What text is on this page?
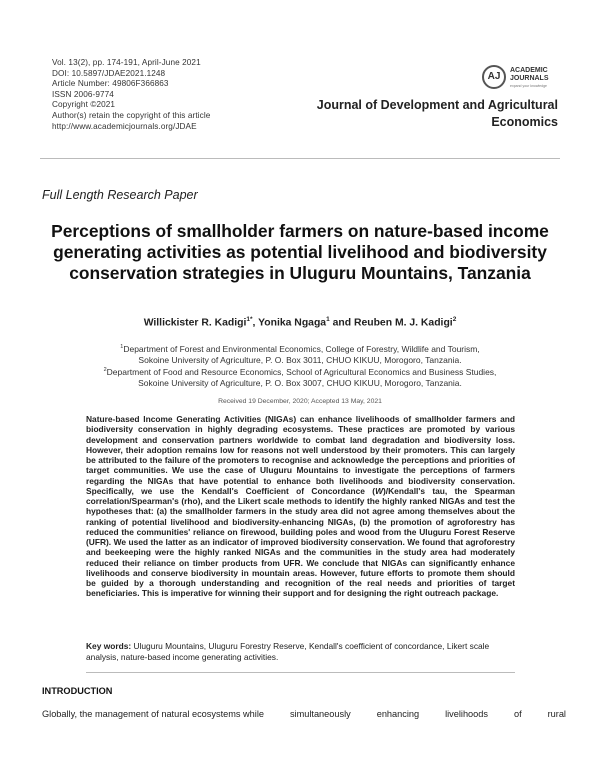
Vol. 13(2), pp. 174-191, April-June 2021
DOI: 10.5897/JDAE2021.1248
Article Number: 49806F366863
ISSN 2006-9774
Copyright ©2021
Author(s) retain the copyright of this article
http://www.academicjournals.org/JDAE
AJ
ACADEMIC
JOURNALS
expand your knowledge
Journal of Development and Agricultural Economics
Full Length Research Paper
Perceptions of smallholder farmers on nature-based income generating activities as potential livelihood and biodiversity conservation strategies in Uluguru Mountains, Tanzania
Willickister R. Kadigi$^{1*}$, Yonika Ngaga$^1$ and Reuben M. J. Kadigi$^2$
$^1$Department of Forest and Environmental Economics, College of Forestry, Wildlife and Tourism,
Sokoine University of Agriculture, P. O. Box 3011, CHUO KIKUU, Morogoro, Tanzania.
$^2$Department of Food and Resource Economics, School of Agricultural Economics and Business Studies,
Sokoine University of Agriculture, P. O. Box 3007, CHUO KIKUU, Morogoro, Tanzania.
Received 19 December, 2020; Accepted 13 May, 2021
Nature-based Income Generating Activities (NIGAs) can enhance livelihoods of smallholder farmers and biodiversity conservation in highly degrading ecosystems. These practices are promoted by various development and conservation partners worldwide to combat land degradation and biodiversity loss. However, their adoption remains low for reasons not well understood by their promoters. This can largely be attributed to the failure of the promoters to recognise and acknowledge the perceptions and priorities of target communities. We use the case of Uluguru Mountains to investigate the perceptions of farmers regarding the NIGAs that have potential to enhance both livelihoods and biodiversity conservation. Specifically, we use the Kendall's Coefficient of Concordance (W)/Kendall's tau, the Spearman correlation/Spearman's (rho), and the Likert scale methods to identify the highly ranked NIGAs and test the hypotheses that: (a) the smallholder farmers in the study area did not agree among themselves about the ranking of potential livelihood and biodiversity-enhancing NIGAs, (b) the promotion of agroforestry has reduced the communities' reliance on firewood, building poles and wood from the Uluguru Forest Reserve (UFR). We used the latter as an indicator of improved biodiversity conservation. We found that agroforestry and beekeeping were the highly ranked NIGAs and the communities in the study area had moderately reduced their reliance on timber products from UFR. We conclude that NIGAs can significantly enhance livelihoods and conserve biodiversity in mountain areas. However, future efforts to promote them should be guided by a thorough understanding and recognition of the real needs and priorities of target beneficiaries. This is imperative for winning their support and for designing the right outreach package.
Key words: Uluguru Mountains, Uluguru Forestry Reserve, Kendall's coefficient of concordance, Likert scale analysis, nature-based income generating activities.
INTRODUCTION
Globally, the management of natural ecosystems while	simultaneously	enhancing	livelihoods	of	rural
